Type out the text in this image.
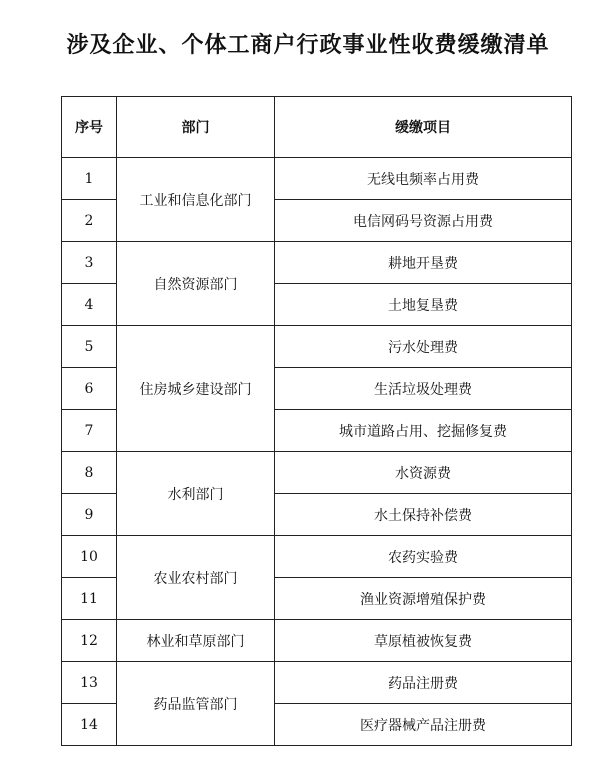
涉及企业、个体工商户行政事业性收费缓缴清单
序号	部门	缓缴项目
1	工业和信息化部门	无线电频率占用费
2		电信网码号资源占用费
3	自然资源部门	耕地开垦费
4		土地复垦费
5	住房城乡建设部门	污水处理费
6		生活垃圾处理费
7		城市道路占用、挖掘修复费
8	水利部门	水资源费
9		水土保持补偿费
10	农业农村部门	农药实验费
11		渔业资源增殖保护费
12	林业和草原部门	草原植被恢复费
13	药品监管部门	药品注册费
14		医疗器械产品注册费
